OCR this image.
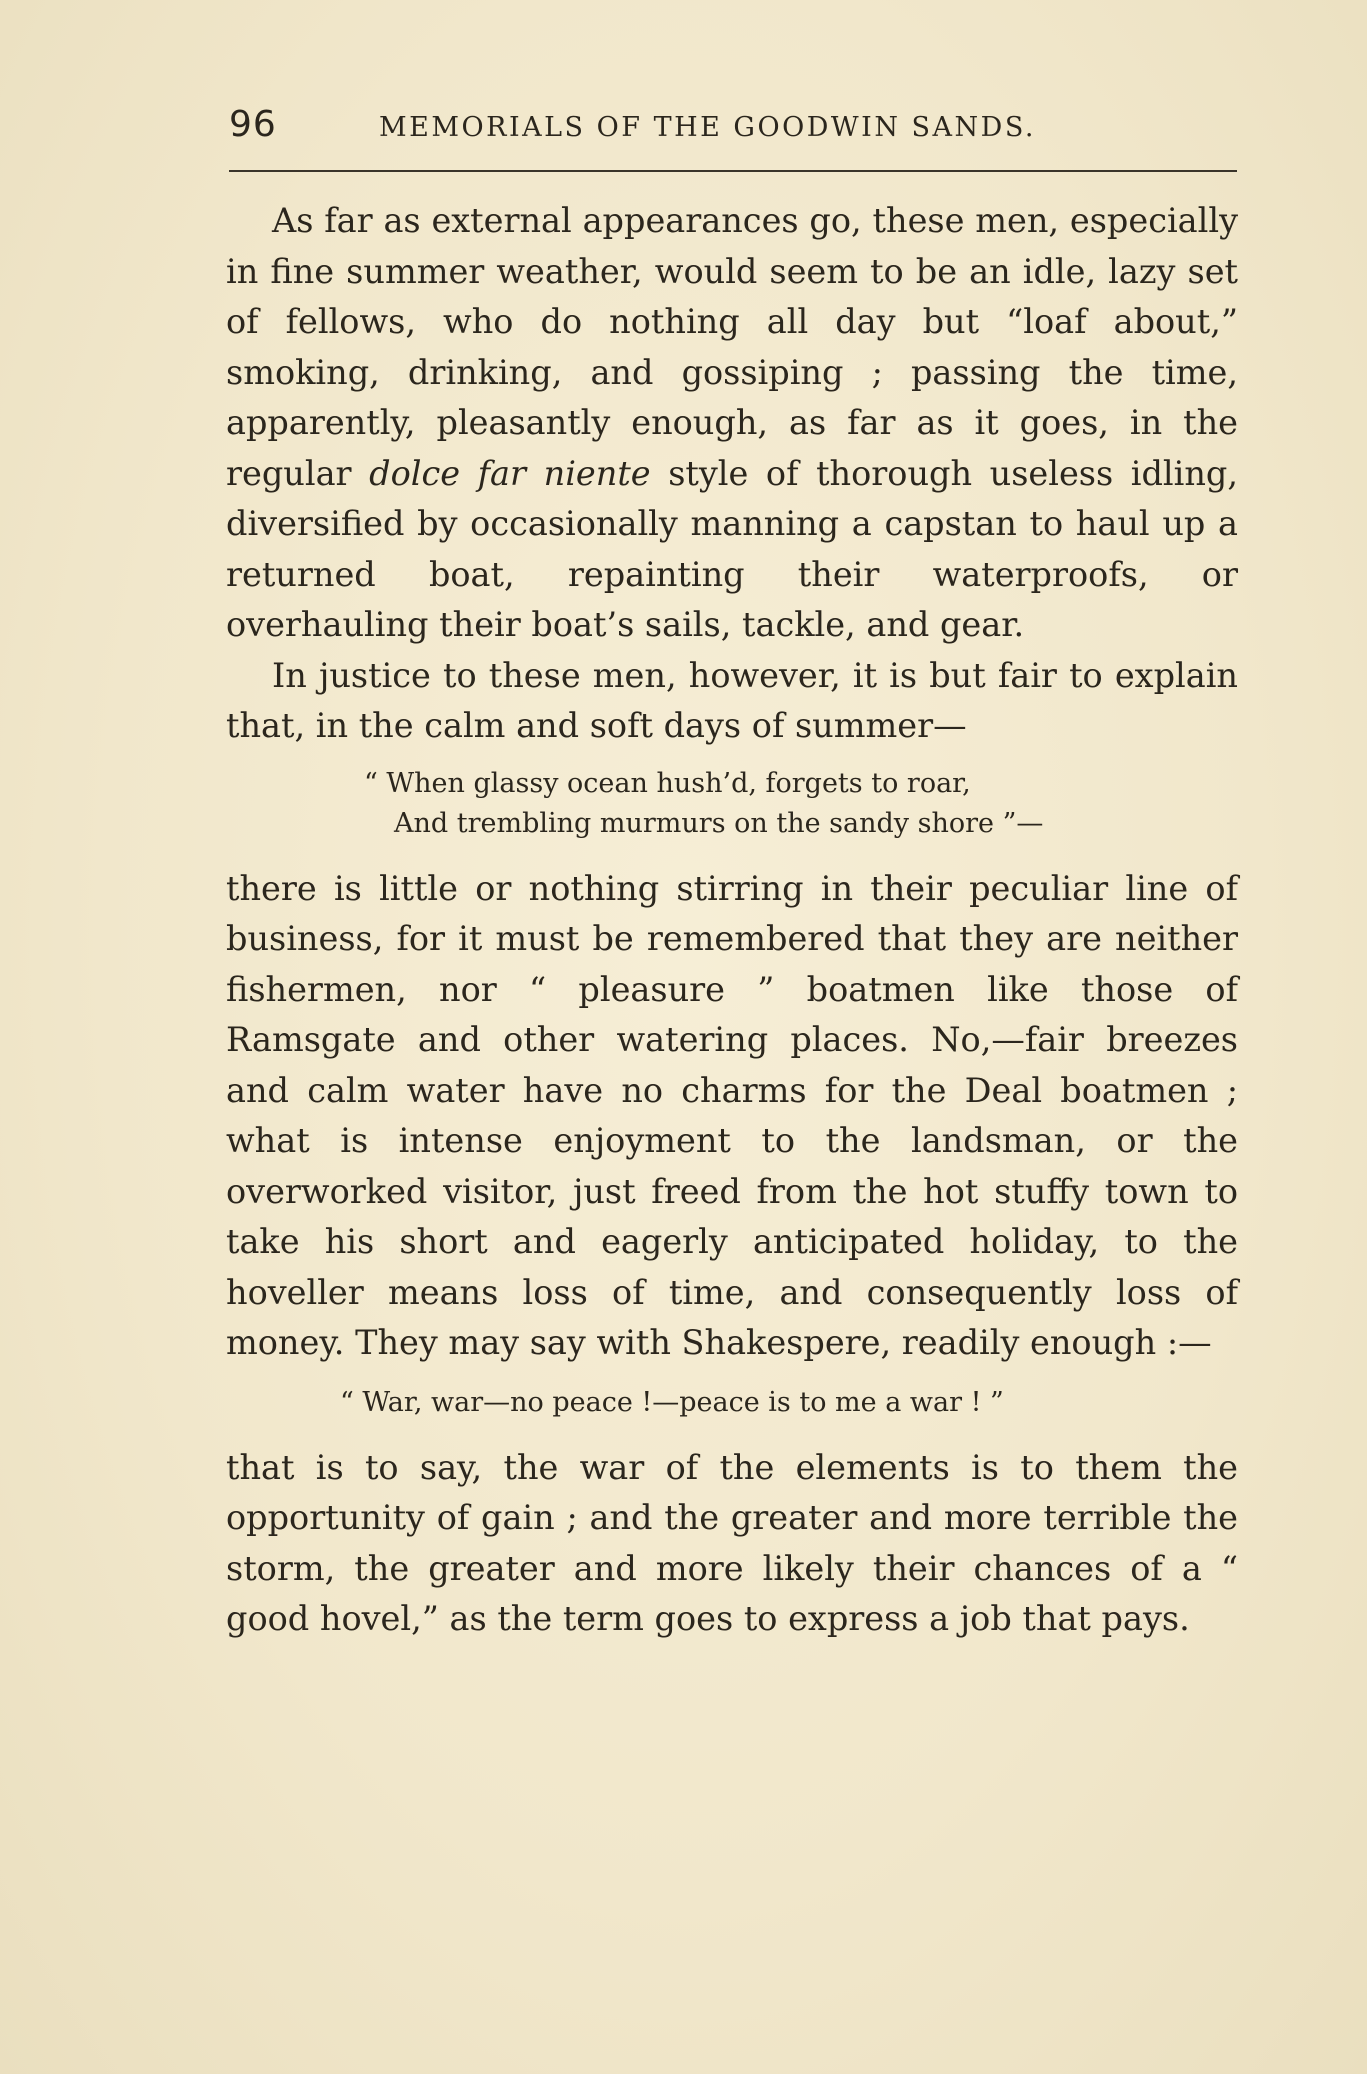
96	MEMORIALS OF THE GOODWIN SANDS.

As far as external appearances go, these men, especially in fine summer weather, would seem to be an idle, lazy set of fellows, who do nothing all day but “loaf about,” smoking, drinking, and gossiping ; passing the time, apparently, pleasantly enough, as far as it goes, in the regular dolce far niente style of thorough useless idling, diversified by occasionally manning a capstan to haul up a returned boat, repainting their waterproofs, or overhauling their boat’s sails, tackle, and gear.

In justice to these men, however, it is but fair to explain that, in the calm and soft days of summer—

“ When glassy ocean hush’d, forgets to roar,
And trembling murmurs on the sandy shore ”—

there is little or nothing stirring in their peculiar line of business, for it must be remembered that they are neither fishermen, nor “ pleasure ” boatmen like those of Ramsgate and other watering places. No,—fair breezes and calm water have no charms for the Deal boatmen ; what is intense enjoyment to the landsman, or the overworked visitor, just freed from the hot stuffy town to take his short and eagerly anticipated holiday, to the hoveller means loss of time, and consequently loss of money. They may say with Shakespere, readily enough :—

“ War, war—no peace !—peace is to me a war ! ”

that is to say, the war of the elements is to them the opportunity of gain ; and the greater and more terrible the storm, the greater and more likely their chances of a “ good hovel,” as the term goes to express a job that pays.
